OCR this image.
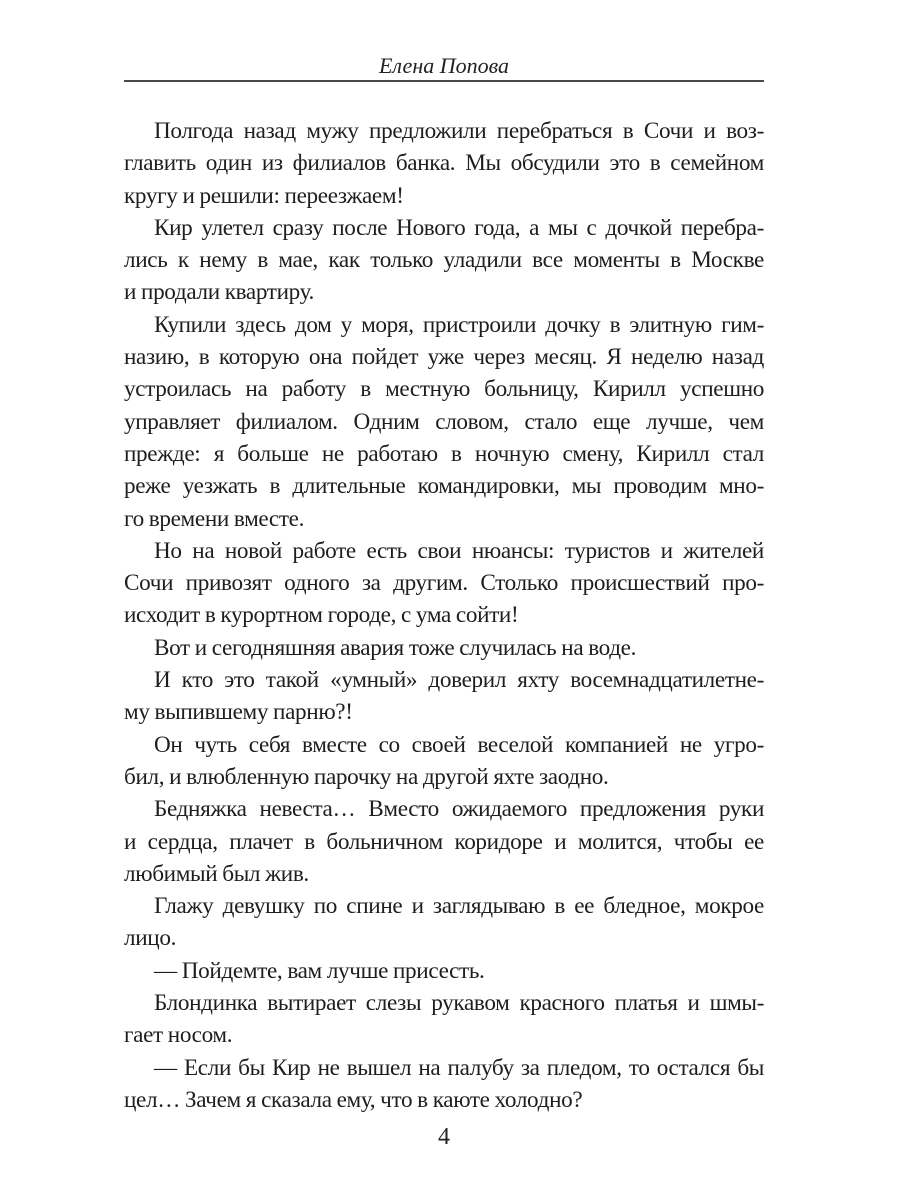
Елена Попова

Полгода назад мужу предложили перебраться в Сочи и воз-
главить один из филиалов банка. Мы обсудили это в семейном
кругу и решили: переезжаем!

Кир улетел сразу после Нового года, а мы с дочкой перебра-
лись к нему в мае, как только уладили все моменты в Москве
и продали квартиру.

Купили здесь дом у моря, пристроили дочку в элитную гим-
назию, в которую она пойдет уже через месяц. Я неделю назад
устроилась на работу в местную больницу, Кирилл успешно
управляет филиалом. Одним словом, стало еще лучше, чем
прежде: я больше не работаю в ночную смену, Кирилл стал
реже уезжать в длительные командировки, мы проводим мно-
го времени вместе.

Но на новой работе есть свои нюансы: туристов и жителей
Сочи привозят одного за другим. Столько происшествий про-
исходит в курортном городе, с ума сойти!

Вот и сегодняшняя авария тоже случилась на воде.

И кто это такой «умный» доверил яхту восемнадцатилетне-
му выпившему парню?!

Он чуть себя вместе со своей веселой компанией не угро-
бил, и влюбленную парочку на другой яхте заодно.

Бедняжка невеста… Вместо ожидаемого предложения руки
и сердца, плачет в больничном коридоре и молится, чтобы ее
любимый был жив.

Глажу девушку по спине и заглядываю в ее бледное, мокрое
лицо.

— Пойдемте, вам лучше присесть.

Блондинка вытирает слезы рукавом красного платья и шмы-
гает носом.

— Если бы Кир не вышел на палубу за пледом, то остался бы
цел… Зачем я сказала ему, что в каюте холодно?

4
